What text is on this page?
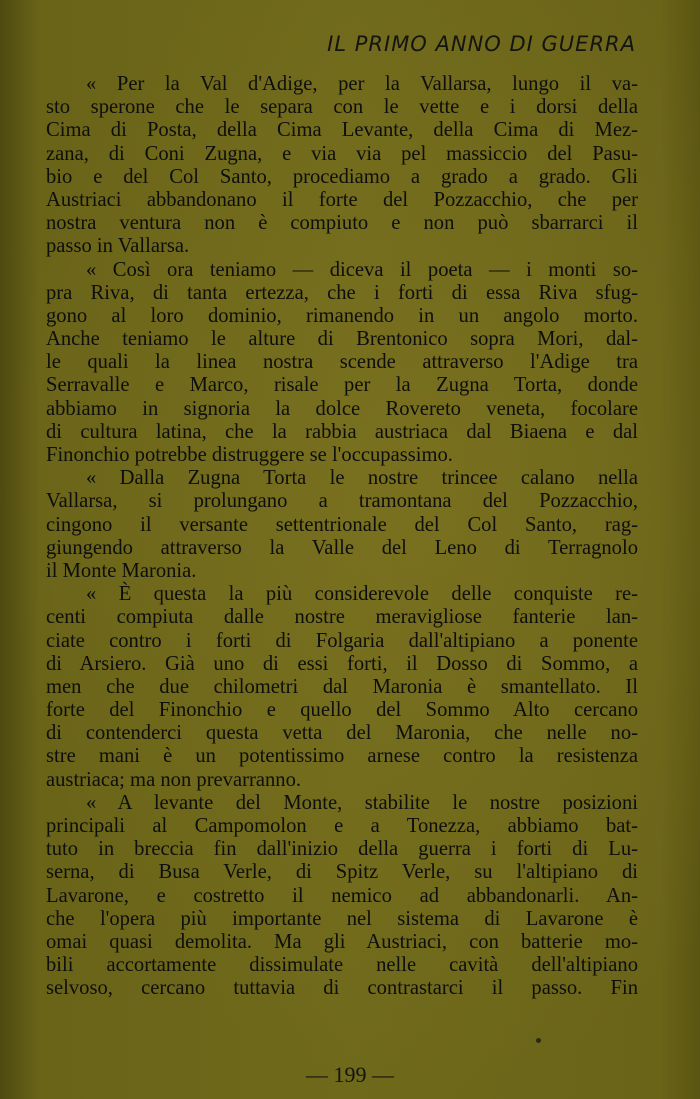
IL PRIMO ANNO DI GUERRA

« Per la Val d'Adige, per la Vallarsa, lungo il va-
sto sperone che le separa con le vette e i dorsi della
Cima di Posta, della Cima Levante, della Cima di Mez-
zana, di Coni Zugna, e via via pel massiccio del Pasu-
bio e del Col Santo, procediamo a grado a grado. Gli
Austriaci abbandonano il forte del Pozzacchio, che per
nostra ventura non è compiuto e non può sbarrarci il
passo in Vallarsa.

« Così ora teniamo — diceva il poeta — i monti so-
pra Riva, di tanta ertezza, che i forti di essa Riva sfug-
gono al loro dominio, rimanendo in un angolo morto.
Anche teniamo le alture di Brentonico sopra Mori, dal-
le quali la linea nostra scende attraverso l'Adige tra
Serravalle e Marco, risale per la Zugna Torta, donde
abbiamo in signoria la dolce Rovereto veneta, focolare
di cultura latina, che la rabbia austriaca dal Biaena e dal
Finonchio potrebbe distruggere se l'occupassimo.

« Dalla Zugna Torta le nostre trincee calano nella
Vallarsa, si prolungano a tramontana del Pozzacchio,
cingono il versante settentrionale del Col Santo, rag-
giungendo attraverso la Valle del Leno di Terragnolo
il Monte Maronia.

« È questa la più considerevole delle conquiste re-
centi compiuta dalle nostre meravigliose fanterie lan-
ciate contro i forti di Folgaria dall'altipiano a ponente
di Arsiero. Già uno di essi forti, il Dosso di Sommo, a
men che due chilometri dal Maronia è smantellato. Il
forte del Finonchio e quello del Sommo Alto cercano
di contenderci questa vetta del Maronia, che nelle no-
stre mani è un potentissimo arnese contro la resistenza
austriaca; ma non prevarranno.

« A levante del Monte, stabilite le nostre posizioni
principali al Campomolon e a Tonezza, abbiamo bat-
tuto in breccia fin dall'inizio della guerra i forti di Lu-
serna, di Busa Verle, di Spitz Verle, su l'altipiano di
Lavarone, e costretto il nemico ad abbandonarli. An-
che l'opera più importante nel sistema di Lavarone è
omai quasi demolita. Ma gli Austriaci, con batterie mo-
bili accortamente dissimulate nelle cavità dell'altipiano
selvoso, cercano tuttavia di contrastarci il passo. Fin

— 199 —
